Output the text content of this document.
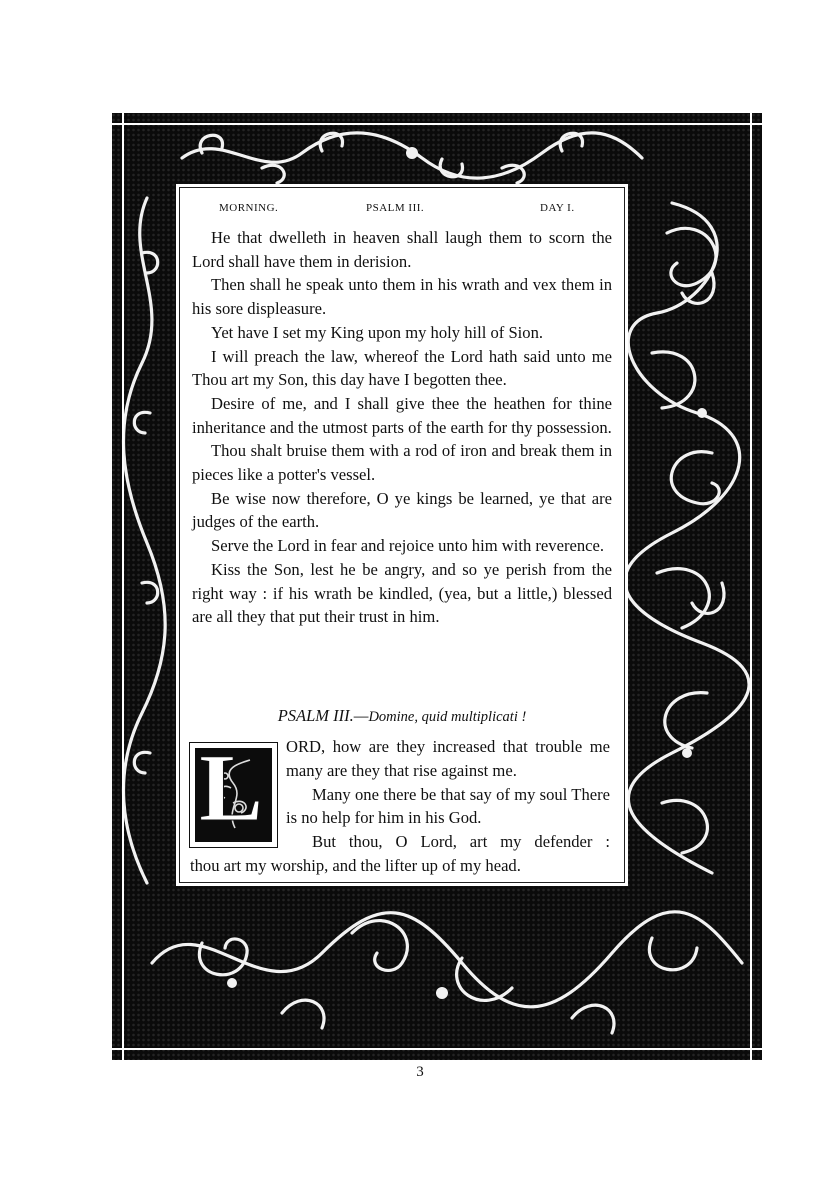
MORNING.	PSALM III.	DAY I.

He that dwelleth in heaven shall laugh them to scorn the Lord shall have them in derision.

Then shall he speak unto them in his wrath and vex them in his sore displeasure.

Yet have I set my King upon my holy hill of Sion.

I will preach the law, whereof the Lord hath said unto me Thou art my Son, this day have I begotten thee.

Desire of me, and I shall give thee the heathen for thine inheritance and the utmost parts of the earth for thy possession.

Thou shalt bruise them with a rod of iron and break them in pieces like a potter's vessel.

Be wise now therefore, O ye kings be learned, ye that are judges of the earth.

Serve the Lord in fear and rejoice unto him with reverence.

Kiss the Son, lest he be angry, and so ye perish from the right way : if his wrath be kindled, (yea, but a little,) blessed are all they that put their trust in him.

PSALM III.—Domine, quid multiplicati !
L ORD, how are they increased that trouble me many are they that rise against me.

Many one there be that say of my soul There is no help for him in his God.

But thou, O Lord, art my defender :

thou art my worship, and the lifter up of my head.
3
